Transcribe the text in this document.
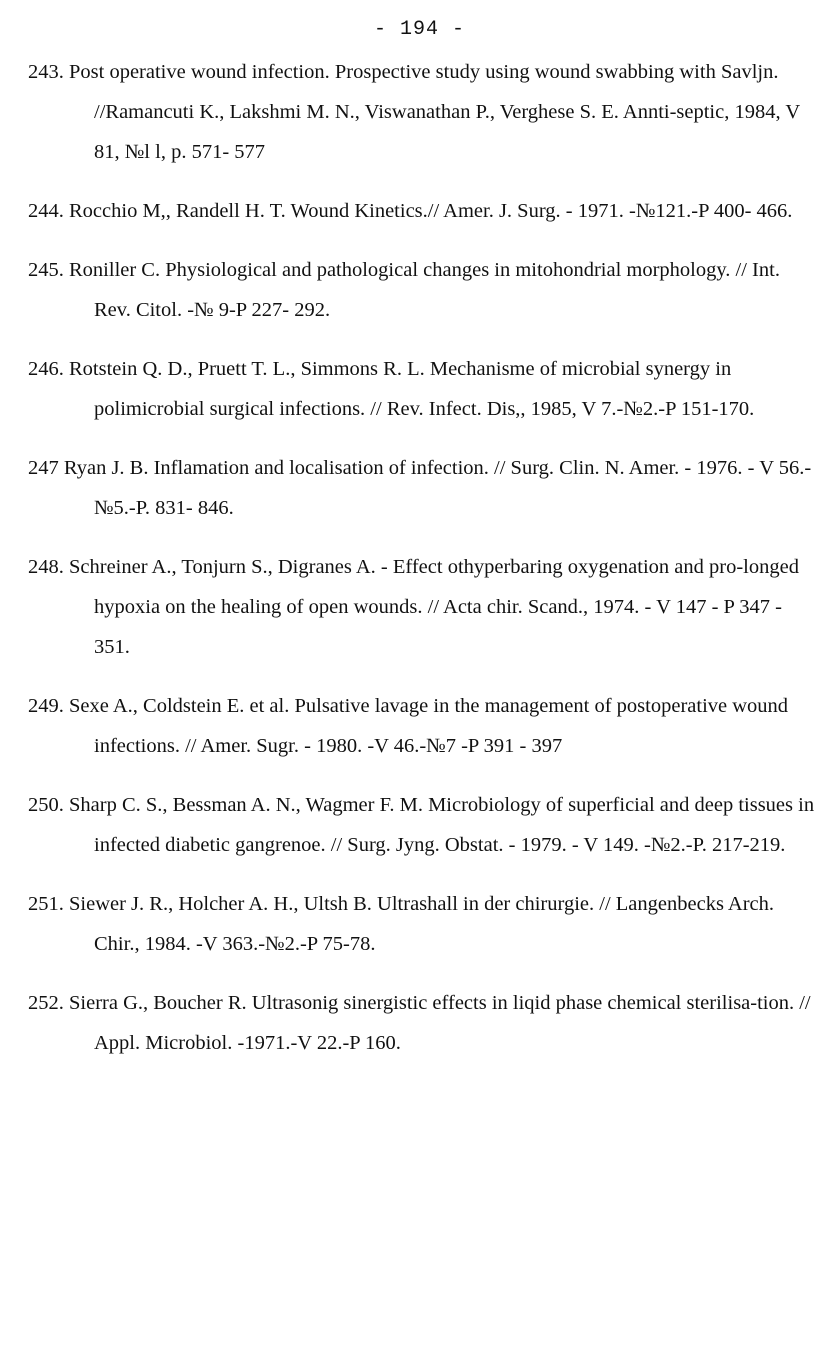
- 194 -

243. Post operative wound infection. Prospective study using wound swabbing with Savljn. //Ramancuti K., Lakshmi M. N., Viswanathan P., Verghese S. E. Annti-septic, 1984, V 81, №l l, p. 571- 577

244. Rocchio M,, Randell H. T. Wound Kinetics.// Amer. J. Surg. - 1971. -№121.-P 400- 466.

245. Roniller C. Physiological and pathological changes in mitohondrial morphology. // Int. Rev. Citol. -№ 9-P 227- 292.

246. Rotstein Q. D., Pruett T. L., Simmons R. L. Mechanisme of microbial synergy in polimicrobial surgical infections. // Rev. Infect. Dis,, 1985, V 7.-№2.-P 151-170.

247 Ryan J. B. Inflamation and localisation of infection. // Surg. Clin. N. Amer. - 1976. - V 56.-№5.-P. 831- 846.

248. Schreiner A., Tonjurn S., Digranes A. - Effect othyperbaring oxygenation and pro-longed hypoxia on the healing of open wounds. // Acta chir. Scand., 1974. - V 147 - P 347 - 351.

249. Sexe A., Coldstein E. et al. Pulsative lavage in the management of postoperative wound infections. // Amer. Sugr. - 1980. -V 46.-№7 -P 391 - 397

250. Sharp C. S., Bessman A. N., Wagmer F. M. Microbiology of superficial and deep tissues in infected diabetic gangrenoe. // Surg. Jyng. Obstat. - 1979. - V 149. -№2.-P. 217-219.

251. Siewer J. R., Holcher A. H., Ultsh B. Ultrashall in der chirurgie. // Langenbecks Arch. Chir., 1984. -V 363.-№2.-P 75-78.

252. Sierra G., Boucher R. Ultrasonig sinergistic effects in liqid phase chemical sterilisa-tion. // Appl. Microbiol. -1971.-V 22.-P 160.
